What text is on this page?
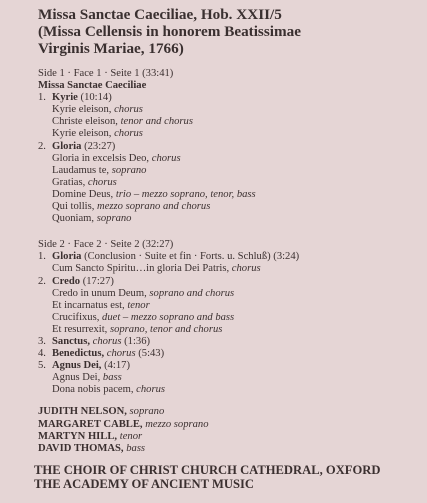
Missa Sanctae Caeciliae, Hob. XXII/5
(Missa Cellensis in honorem Beatissimae
Virginis Mariae, 1766)
Side 1 · Face 1 · Seite 1 (33:41)
Missa Sanctae Caeciliae
1. Kyrie (10:14)
Kyrie eleison, chorus
Christe eleison, tenor and chorus
Kyrie eleison, chorus
2. Gloria (23:27)
Gloria in excelsis Deo, chorus
Laudamus te, soprano
Gratias, chorus
Domine Deus, trio – mezzo soprano, tenor, bass
Qui tollis, mezzo soprano and chorus
Quoniam, soprano
Side 2 · Face 2 · Seite 2 (32:27)
1. Gloria (Conclusion · Suite et fin · Forts. u. Schluß) (3:24)
Cum Sancto Spiritu…in gloria Dei Patris, chorus
2. Credo (17:27)
Credo in unum Deum, soprano and chorus
Et incarnatus est, tenor
Crucifixus, duet – mezzo soprano and bass
Et resurrexit, soprano, tenor and chorus
3. Sanctus, chorus (1:36)
4. Benedictus, chorus (5:43)
5. Agnus Dei, (4:17)
Agnus Dei, bass
Dona nobis pacem, chorus
JUDITH NELSON, soprano
MARGARET CABLE, mezzo soprano
MARTYN HILL, tenor
DAVID THOMAS, bass
THE CHOIR OF CHRIST CHURCH CATHEDRAL, OXFORD
THE ACADEMY OF ANCIENT MUSIC
